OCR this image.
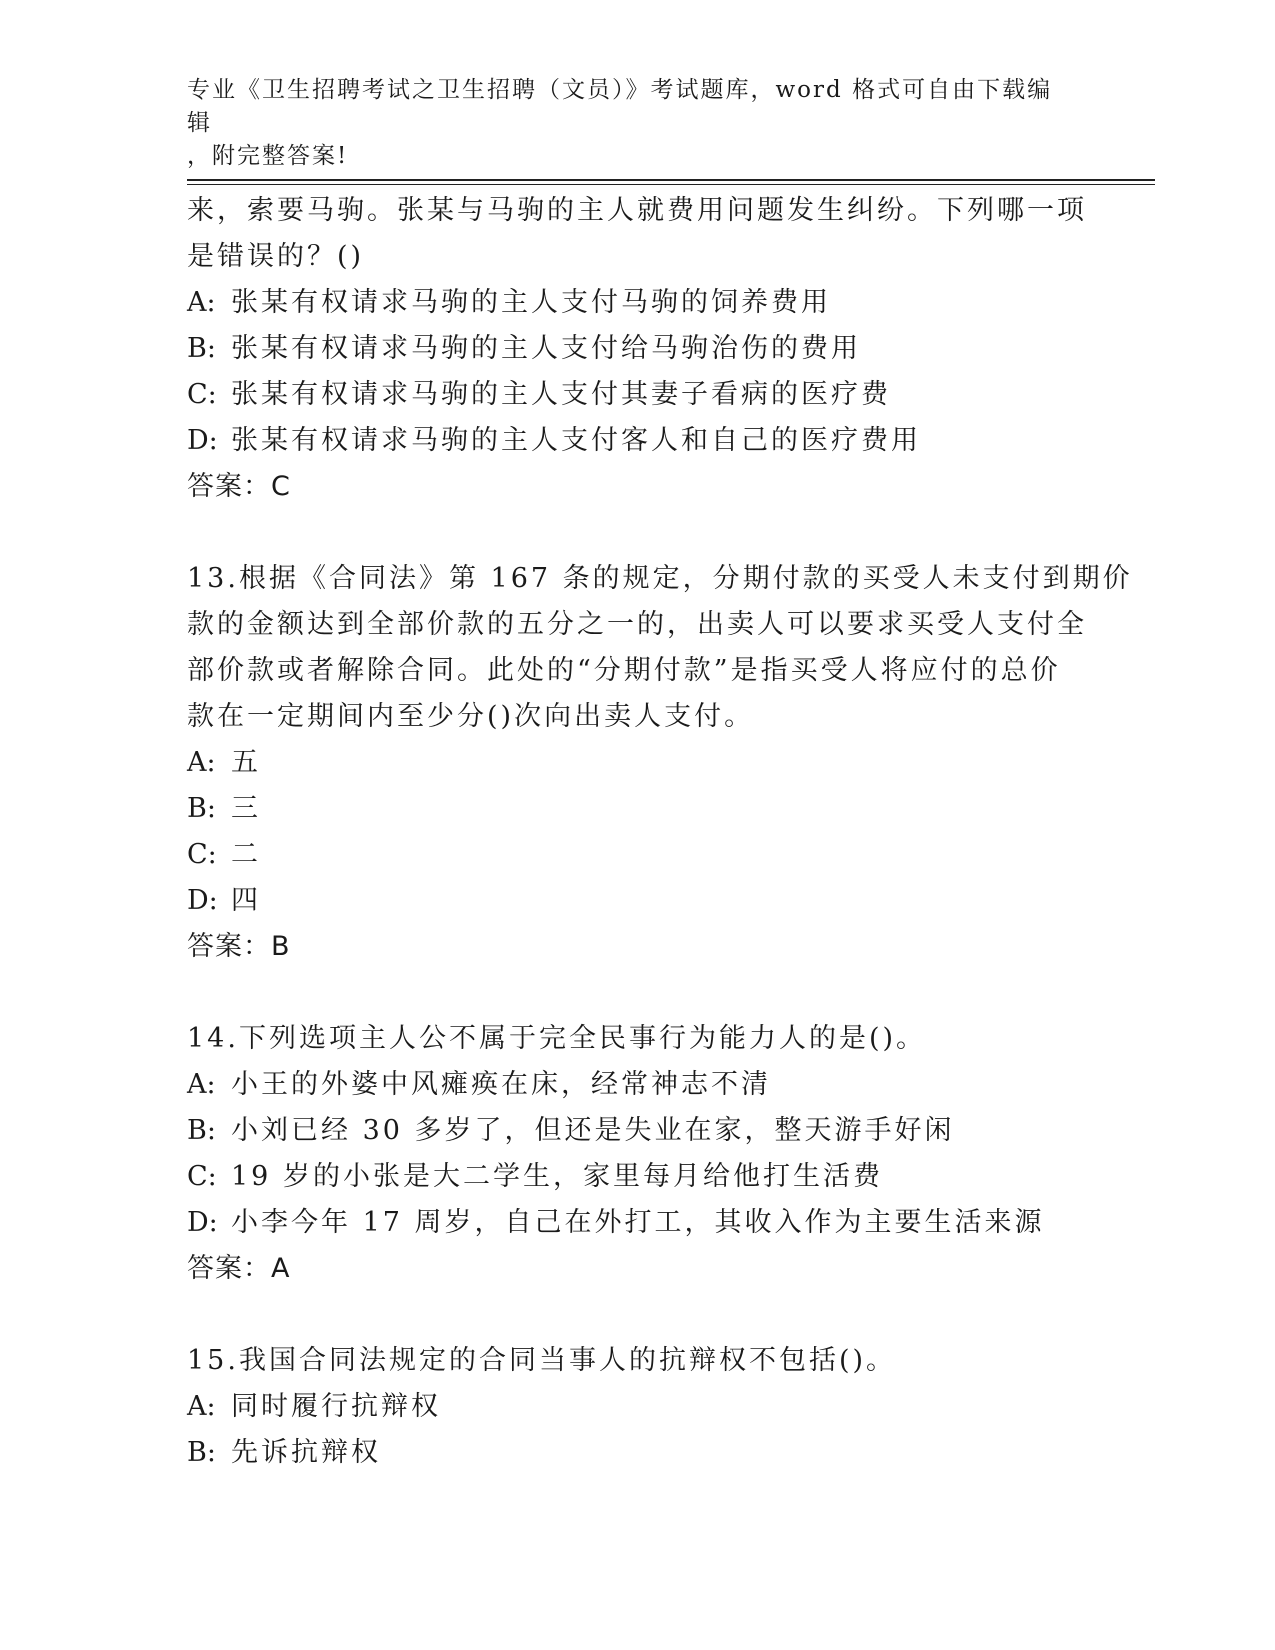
专业《卫生招聘考试之卫生招聘（文员）》考试题库，word 格式可自由下载编辑
，附完整答案!
来，索要马驹。张某与马驹的主人就费用问题发生纠纷。下列哪一项
是错误的？()
A: 张某有权请求马驹的主人支付马驹的饲养费用
B: 张某有权请求马驹的主人支付给马驹治伤的费用
C: 张某有权请求马驹的主人支付其妻子看病的医疗费
D: 张某有权请求马驹的主人支付客人和自己的医疗费用
答案：C
13.根据《合同法》第 167 条的规定，分期付款的买受人未支付到期价
款的金额达到全部价款的五分之一的，出卖人可以要求买受人支付全
部价款或者解除合同。此处的“分期付款”是指买受人将应付的总价
款在一定期间内至少分()次向出卖人支付。
A: 五
B: 三
C: 二
D: 四
答案：B
14.下列选项主人公不属于完全民事行为能力人的是()。
A: 小王的外婆中风瘫痪在床，经常神志不清
B: 小刘已经 30 多岁了，但还是失业在家，整天游手好闲
C: 19 岁的小张是大二学生，家里每月给他打生活费
D: 小李今年 17 周岁，自己在外打工，其收入作为主要生活来源
答案：A
15.我国合同法规定的合同当事人的抗辩权不包括()。
A: 同时履行抗辩权
B: 先诉抗辩权
